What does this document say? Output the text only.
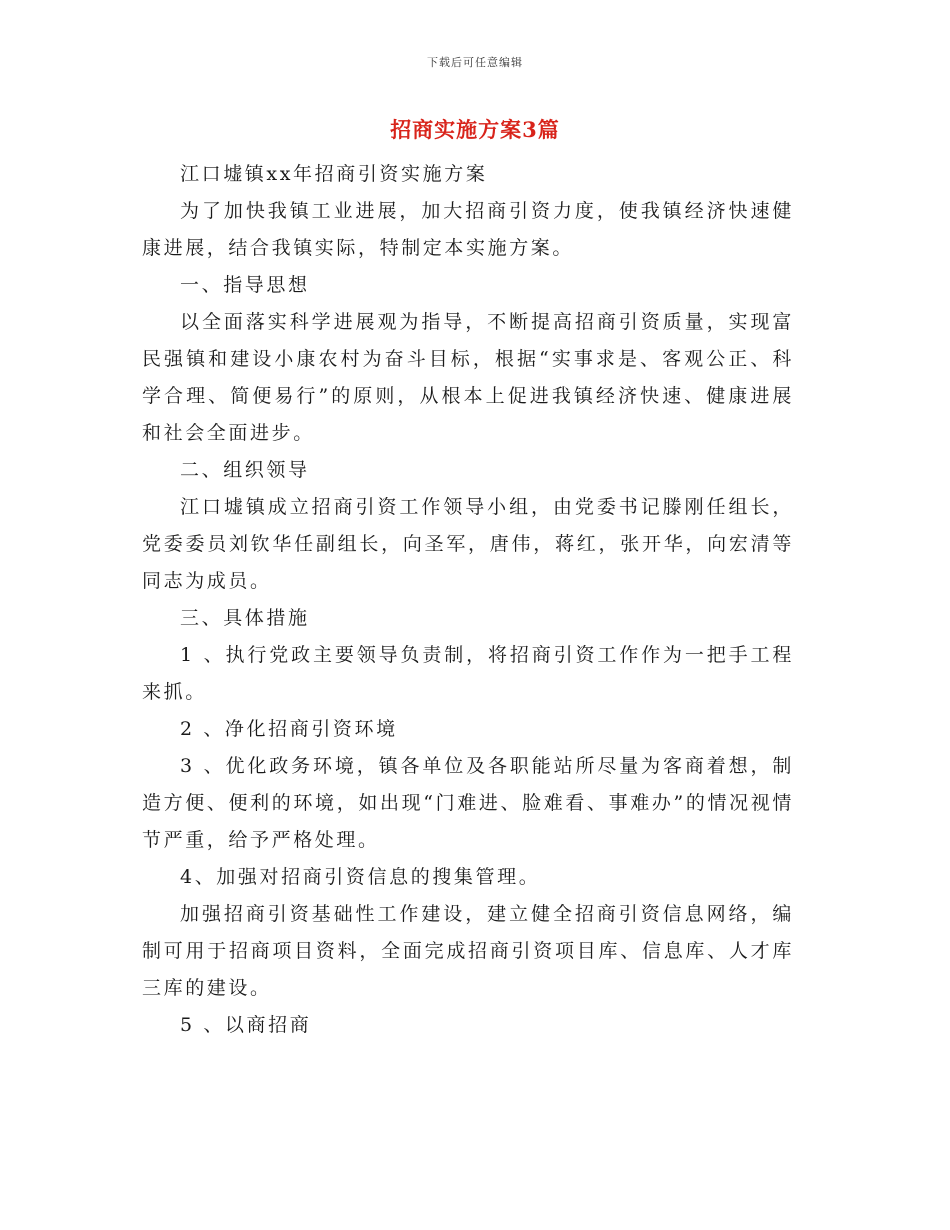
下载后可任意编辑
招商实施方案3篇

江口墟镇xx年招商引资实施方案

为了加快我镇工业进展，加大招商引资力度，使我镇经济快速健康进展，结合我镇实际，特制定本实施方案。

一、指导思想

以全面落实科学进展观为指导，不断提高招商引资质量，实现富民强镇和建设小康农村为奋斗目标，根据“实事求是、客观公正、科学合理、简便易行”的原则，从根本上促进我镇经济快速、健康进展和社会全面进步。

二、组织领导

江口墟镇成立招商引资工作领导小组，由党委书记滕刚任组长，党委委员刘钦华任副组长，向圣军，唐伟，蒋红，张开华，向宏清等同志为成员。

三、具体措施

1 、执行党政主要领导负责制，将招商引资工作作为一把手工程来抓。

2 、净化招商引资环境

3 、优化政务环境，镇各单位及各职能站所尽量为客商着想，制造方便、便利的环境，如出现“门难进、脸难看、事难办”的情况视情节严重，给予严格处理。

4、加强对招商引资信息的搜集管理。

加强招商引资基础性工作建设，建立健全招商引资信息网络，编制可用于招商项目资料，全面完成招商引资项目库、信息库、人才库三库的建设。

5 、以商招商
